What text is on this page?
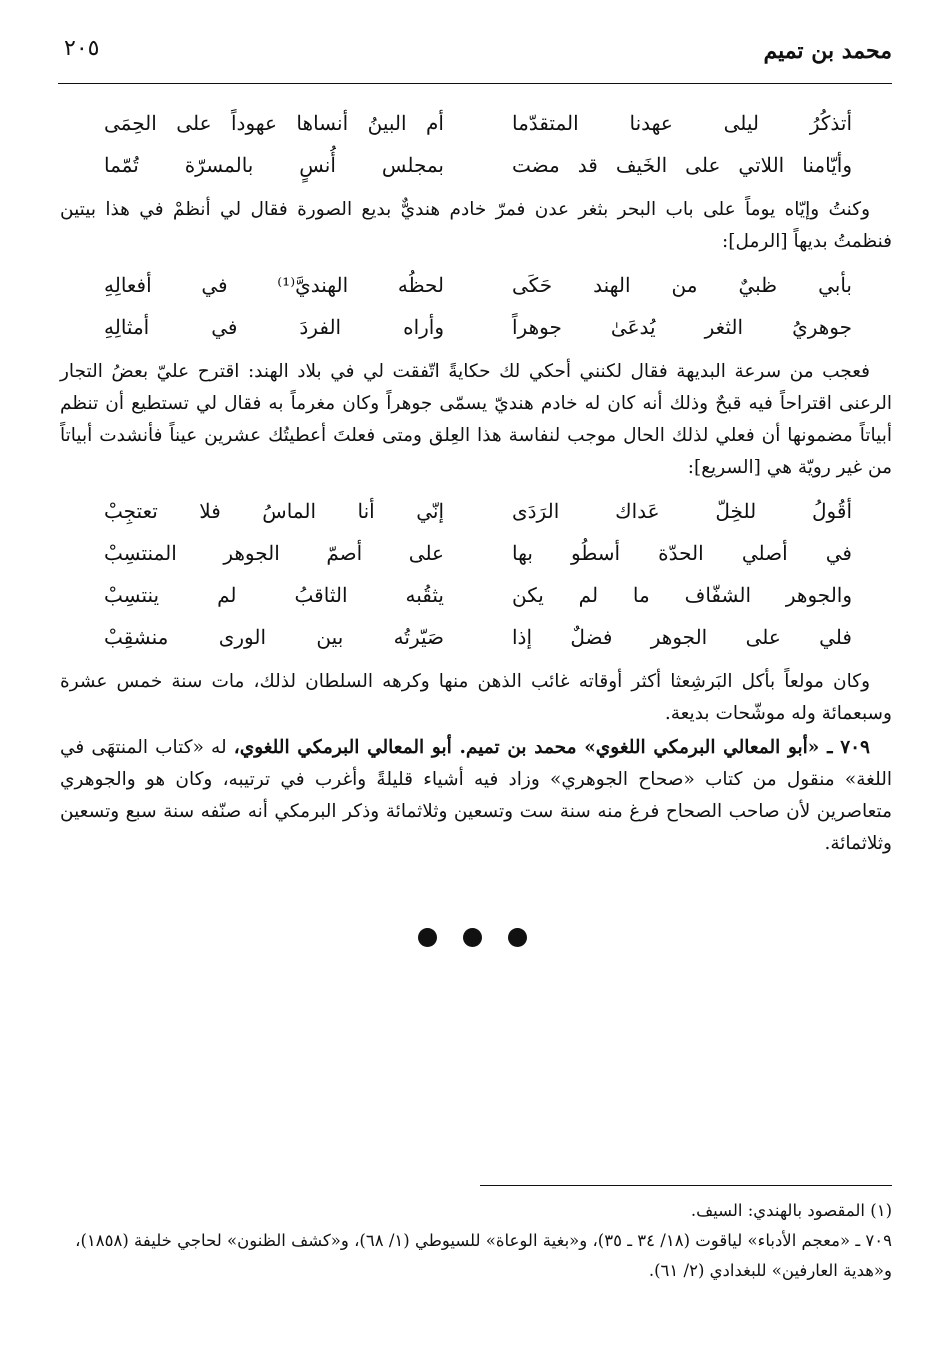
محمد بن تميم
٢٠٥
أتذكُرُ ليلى عهدنا المتقدّما
أم البينُ أنساها عهوداً على الحِمَى
وأيّامنا اللاتي على الخَيف قد مضت
بمجلس أُنسٍ بالمسرّة تُمّما

وكنتُ وإيّاه يوماً على باب البحر بثغر عدن فمرّ خادم هنديٌّ بديع الصورة فقال لي أنظمْ في هذا بيتين فنظمتُ بديهاً [الرمل]:

بأبي ظبيٌ من الهند حَكَى
لحظُه الهنديَّ⁽¹⁾ في أفعالِهِ
جوهريُ الثغر يُدعَىٰ جوهراً
وأراه الفردَ في أمثالِهِ

فعجب من سرعة البديهة فقال لكنني أحكي لك حكايةً اتّفقت لي في بلاد الهند: اقترح عليّ بعضُ التجار الرعنى اقتراحاً فيه قبحٌ وذلك أنه كان له خادم هنديّ يسمّى جوهراً وكان مغرماً به فقال لي تستطيع أن تنظم أبياتاً مضمونها أن فعلي لذلك الحال موجب لنفاسة هذا العِلق ومتى فعلتَ أعطيتُك عشرين عيناً فأنشدت أبياتاً من غير رويّة هي [السريع]:

أقُولُ للخِلّ عَداك الرَدَى
إنّي أنا الماسُ فلا تعتجِبْ
في أصلي الحدّة أسطُو بها
على أصمّ الجوهر المنتسِبْ
والجوهر الشفّاف ما لم يكن
يثقُبه الثاقبُ لم ينتسِبْ
فلي على الجوهر فضلٌ إذا
صَيّرتُه بين الورى منشقِبْ

وكان مولعاً بأكل البَرشِعثا أكثر أوقاته غائب الذهن منها وكرهه السلطان لذلك، مات سنة خمس عشرة وسبعمائة وله موشّحات بديعة.

٧٠٩ ـ «أبو المعالي البرمكي اللغوي» محمد بن تميم. أبو المعالي البرمكي اللغوي، له «كتاب المنتهَى في اللغة» منقول من كتاب «صحاح الجوهري» وزاد فيه أشياء قليلةً وأغرب في ترتيبه، وكان هو والجوهري متعاصرين لأن صاحب الصحاح فرغ منه سنة ست وتسعين وثلاثمائة وذكر البرمكي أنه صنّفه سنة سبع وتسعين وثلاثمائة.

(١) المقصود بالهندي: السيف.

٧٠٩ ـ «معجم الأدباء» لياقوت (١٨/ ٣٤ ـ ٣٥)، و«بغية الوعاة» للسيوطي (١/ ٦٨)، و«كشف الظنون» لحاجي خليفة (١٨٥٨)، و«هدية العارفين» للبغدادي (٢/ ٦١).
